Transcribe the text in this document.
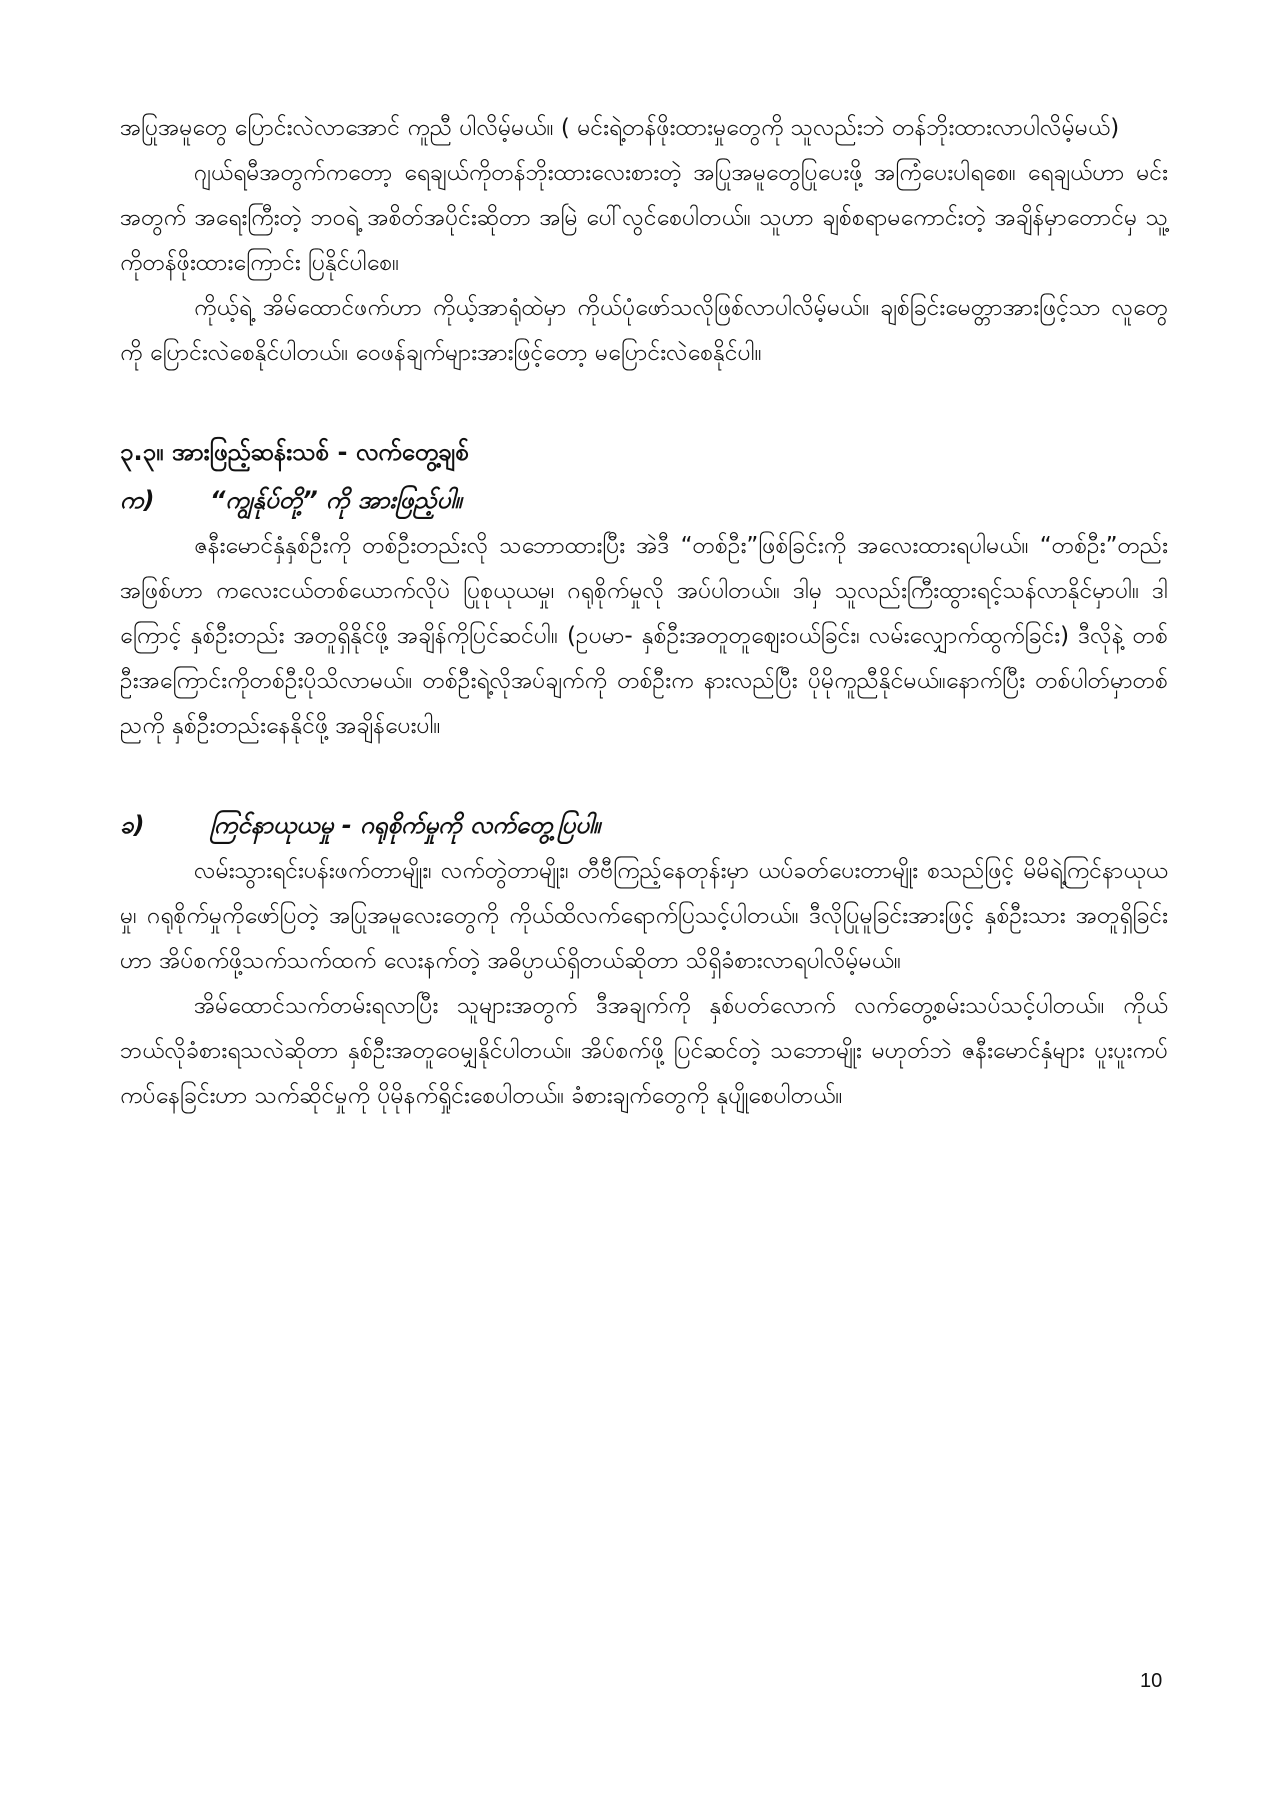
အပြုအမူတွေ ပြောင်းလဲလာအောင် ကူညီ ပါလိမ့်မယ်။ ( မင်းရဲ့တန်ဖိုးထားမှုတွေကို သူလည်းဘဲ တန်ဘိုးထားလာပါလိမ့်မယ်)

ဂျယ်ရမီအတွက်ကတော့ ရေချယ်ကိုတန်ဘိုးထားလေးစားတဲ့ အပြုအမူတွေပြုပေးဖို့ အကြံပေးပါရစေ။ ရေချယ်ဟာ မင်းအတွက် အရေးကြီးတဲ့ ဘဝရဲ့ အစိတ်အပိုင်းဆိုတာ အမြဲ ပေါ်လွင်စေပါတယ်။ သူဟာ ချစ်စရာမကောင်းတဲ့ အချိန်မှာတောင်မှ သူ့ကိုတန်ဖိုးထားကြောင်း ပြနိုင်ပါစေ။

ကိုယ့်ရဲ့ အိမ်ထောင်ဖက်ဟာ ကိုယ့်အာရုံထဲမှာ ကိုယ်ပုံဖော်သလိုဖြစ်လာပါလိမ့်မယ်။ ချစ်ခြင်းမေတ္တာအားဖြင့်သာ လူတွေကို ပြောင်းလဲစေနိုင်ပါတယ်။ ဝေဖန်ချက်များအားဖြင့်တော့ မပြောင်းလဲစေနိုင်ပါ။

၃.၃။ အားဖြည့်ဆန်းသစ် - လက်တွေ့ချစ်
က)	“ကျွန်ုပ်တို့” ကို အားဖြည့်ပါ။

ဇနီးမောင်နှံနှစ်ဦးကို တစ်ဦးတည်းလို သဘောထားပြီး အဲဒီ “တစ်ဦး”ဖြစ်ခြင်းကို အလေးထားရပါမယ်။ “တစ်ဦး”တည်း အဖြစ်ဟာ ကလေးငယ်တစ်ယောက်လိုပဲ ပြုစုယုယမှု၊ ဂရုစိုက်မှုလို အပ်ပါတယ်။ ဒါမှ သူလည်းကြီးထွားရင့်သန်လာနိုင်မှာပါ။ ဒါကြောင့် နှစ်ဦးတည်း အတူရှိနိုင်ဖို့ အချိန်ကိုပြင်ဆင်ပါ။ (ဥပမာ- နှစ်ဦးအတူတူဈေးဝယ်ခြင်း၊ လမ်းလျှောက်ထွက်ခြင်း) ဒီလိုနဲ့ တစ်ဦးအကြောင်းကိုတစ်ဦးပိုသိလာမယ်။ တစ်ဦးရဲ့လိုအပ်ချက်ကို တစ်ဦးက နားလည်ပြီး ပိုမိုကူညီနိုင်မယ်။နောက်ပြီး တစ်ပါတ်မှာတစ်ညကို နှစ်ဦးတည်းနေနိုင်ဖို့ အချိန်ပေးပါ။

ခ)	ကြင်နာယုယမှု - ဂရုစိုက်မှုကို လက်တွေ့ပြပါ။

လမ်းသွားရင်းပန်းဖက်တာမျိုး၊ လက်တွဲတာမျိုး၊ တီဗီကြည့်နေတုန်းမှာ ယပ်ခတ်ပေးတာမျိုး စသည်ဖြင့် မိမိရဲ့ကြင်နာယုယမှု၊ ဂရုစိုက်မှုကိုဖော်ပြတဲ့ အပြုအမူလေးတွေကို ကိုယ်ထိလက်ရောက်ပြသင့်ပါတယ်။ ဒီလိုပြုမူခြင်းအားဖြင့် နှစ်ဦးသား အတူရှိခြင်းဟာ အိပ်စက်ဖို့သက်သက်ထက် လေးနက်တဲ့ အဓိပ္ပာယ်ရှိတယ်ဆိုတာ သိရှိခံစားလာရပါလိမ့်မယ်။

အိမ်ထောင်သက်တမ်းရလာပြီး သူများအတွက် ဒီအချက်ကို နှစ်ပတ်လောက် လက်တွေ့စမ်းသပ်သင့်ပါတယ်။ ကိုယ်ဘယ်လိုခံစားရသလဲဆိုတာ နှစ်ဦးအတူဝေမျှနိုင်ပါတယ်။ အိပ်စက်ဖို့ ပြင်ဆင်တဲ့ သဘောမျိုး မဟုတ်ဘဲ ဇနီးမောင်နှံများ ပူးပူးကပ်ကပ်နေခြင်းဟာ သက်ဆိုင်မှုကို ပိုမိုနက်ရှိုင်းစေပါတယ်။ ခံစားချက်တွေကို နုပျိုစေပါတယ်။

10
